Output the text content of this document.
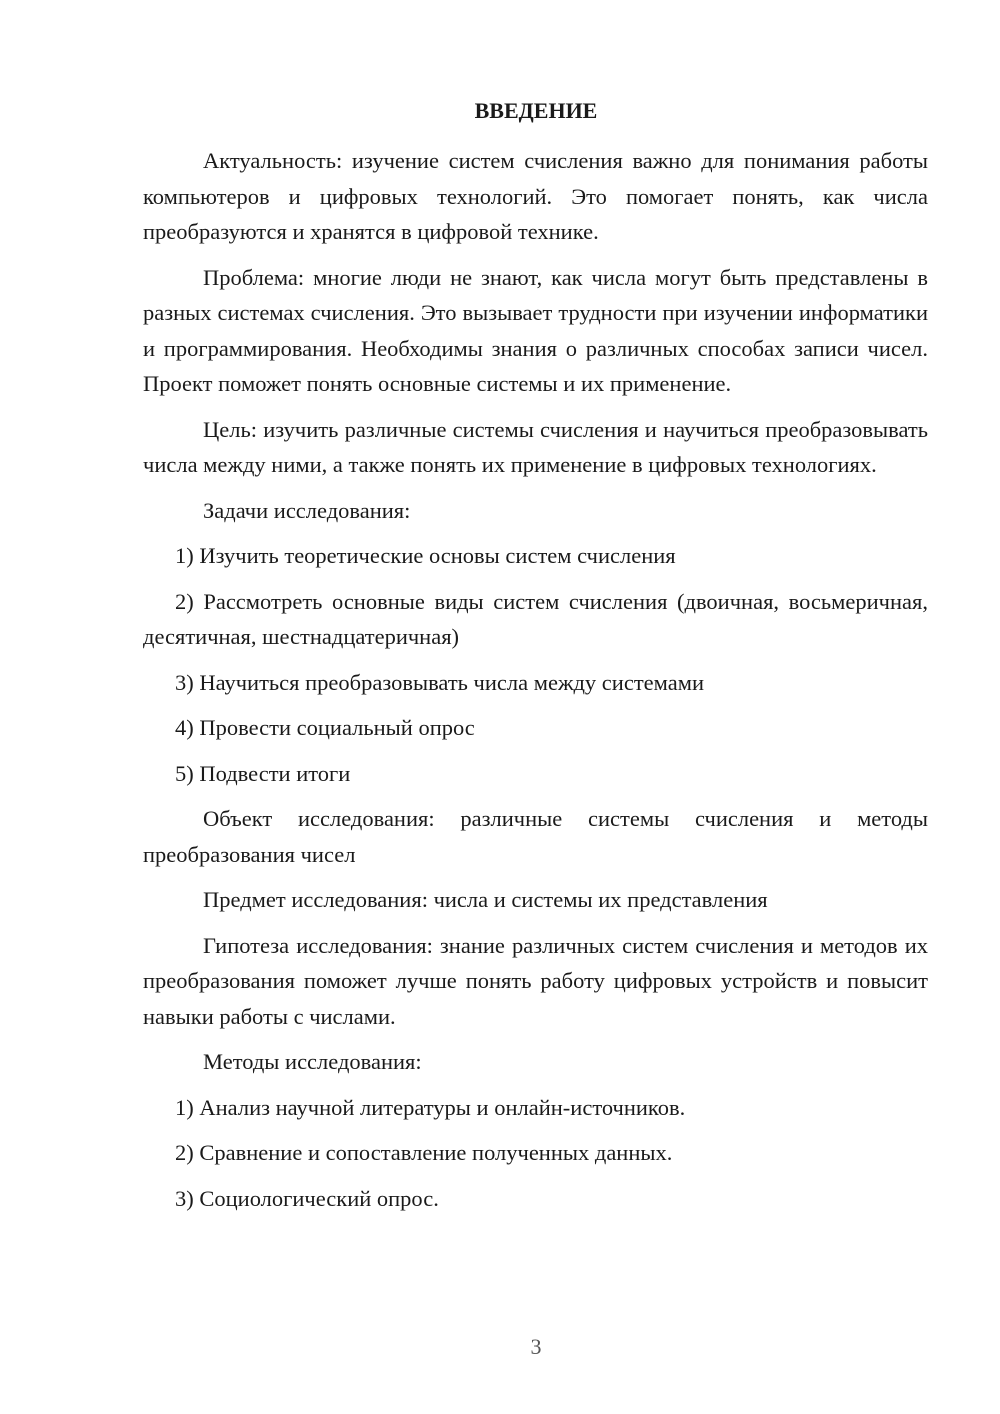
ВВЕДЕНИЕ

Актуальность: изучение систем счисления важно для понимания работы компьютеров и цифровых технологий. Это помогает понять, как числа преобразуются и хранятся в цифровой технике.

Проблема: многие люди не знают, как числа могут быть представлены в разных системах счисления. Это вызывает трудности при изучении информатики и программирования. Необходимы знания о различных способах записи чисел. Проект поможет понять основные системы и их применение.

Цель: изучить различные системы счисления и научиться преобразовывать числа между ними, а также понять их применение в цифровых технологиях.

Задачи исследования:

1) Изучить теоретические основы систем счисления

2) Рассмотреть основные виды систем счисления (двоичная, восьмеричная, десятичная, шестнадцатеричная)

3) Научиться преобразовывать числа между системами

4) Провести социальный опрос

5) Подвести итоги

Объект исследования: различные системы счисления и методы преобразования чисел

Предмет исследования: числа и системы их представления

Гипотеза исследования: знание различных систем счисления и методов их преобразования поможет лучше понять работу цифровых устройств и повысит навыки работы с числами.

Методы исследования:

1) Анализ научной литературы и онлайн-источников.

2) Сравнение и сопоставление полученных данных.

3) Социологический опрос.

3
